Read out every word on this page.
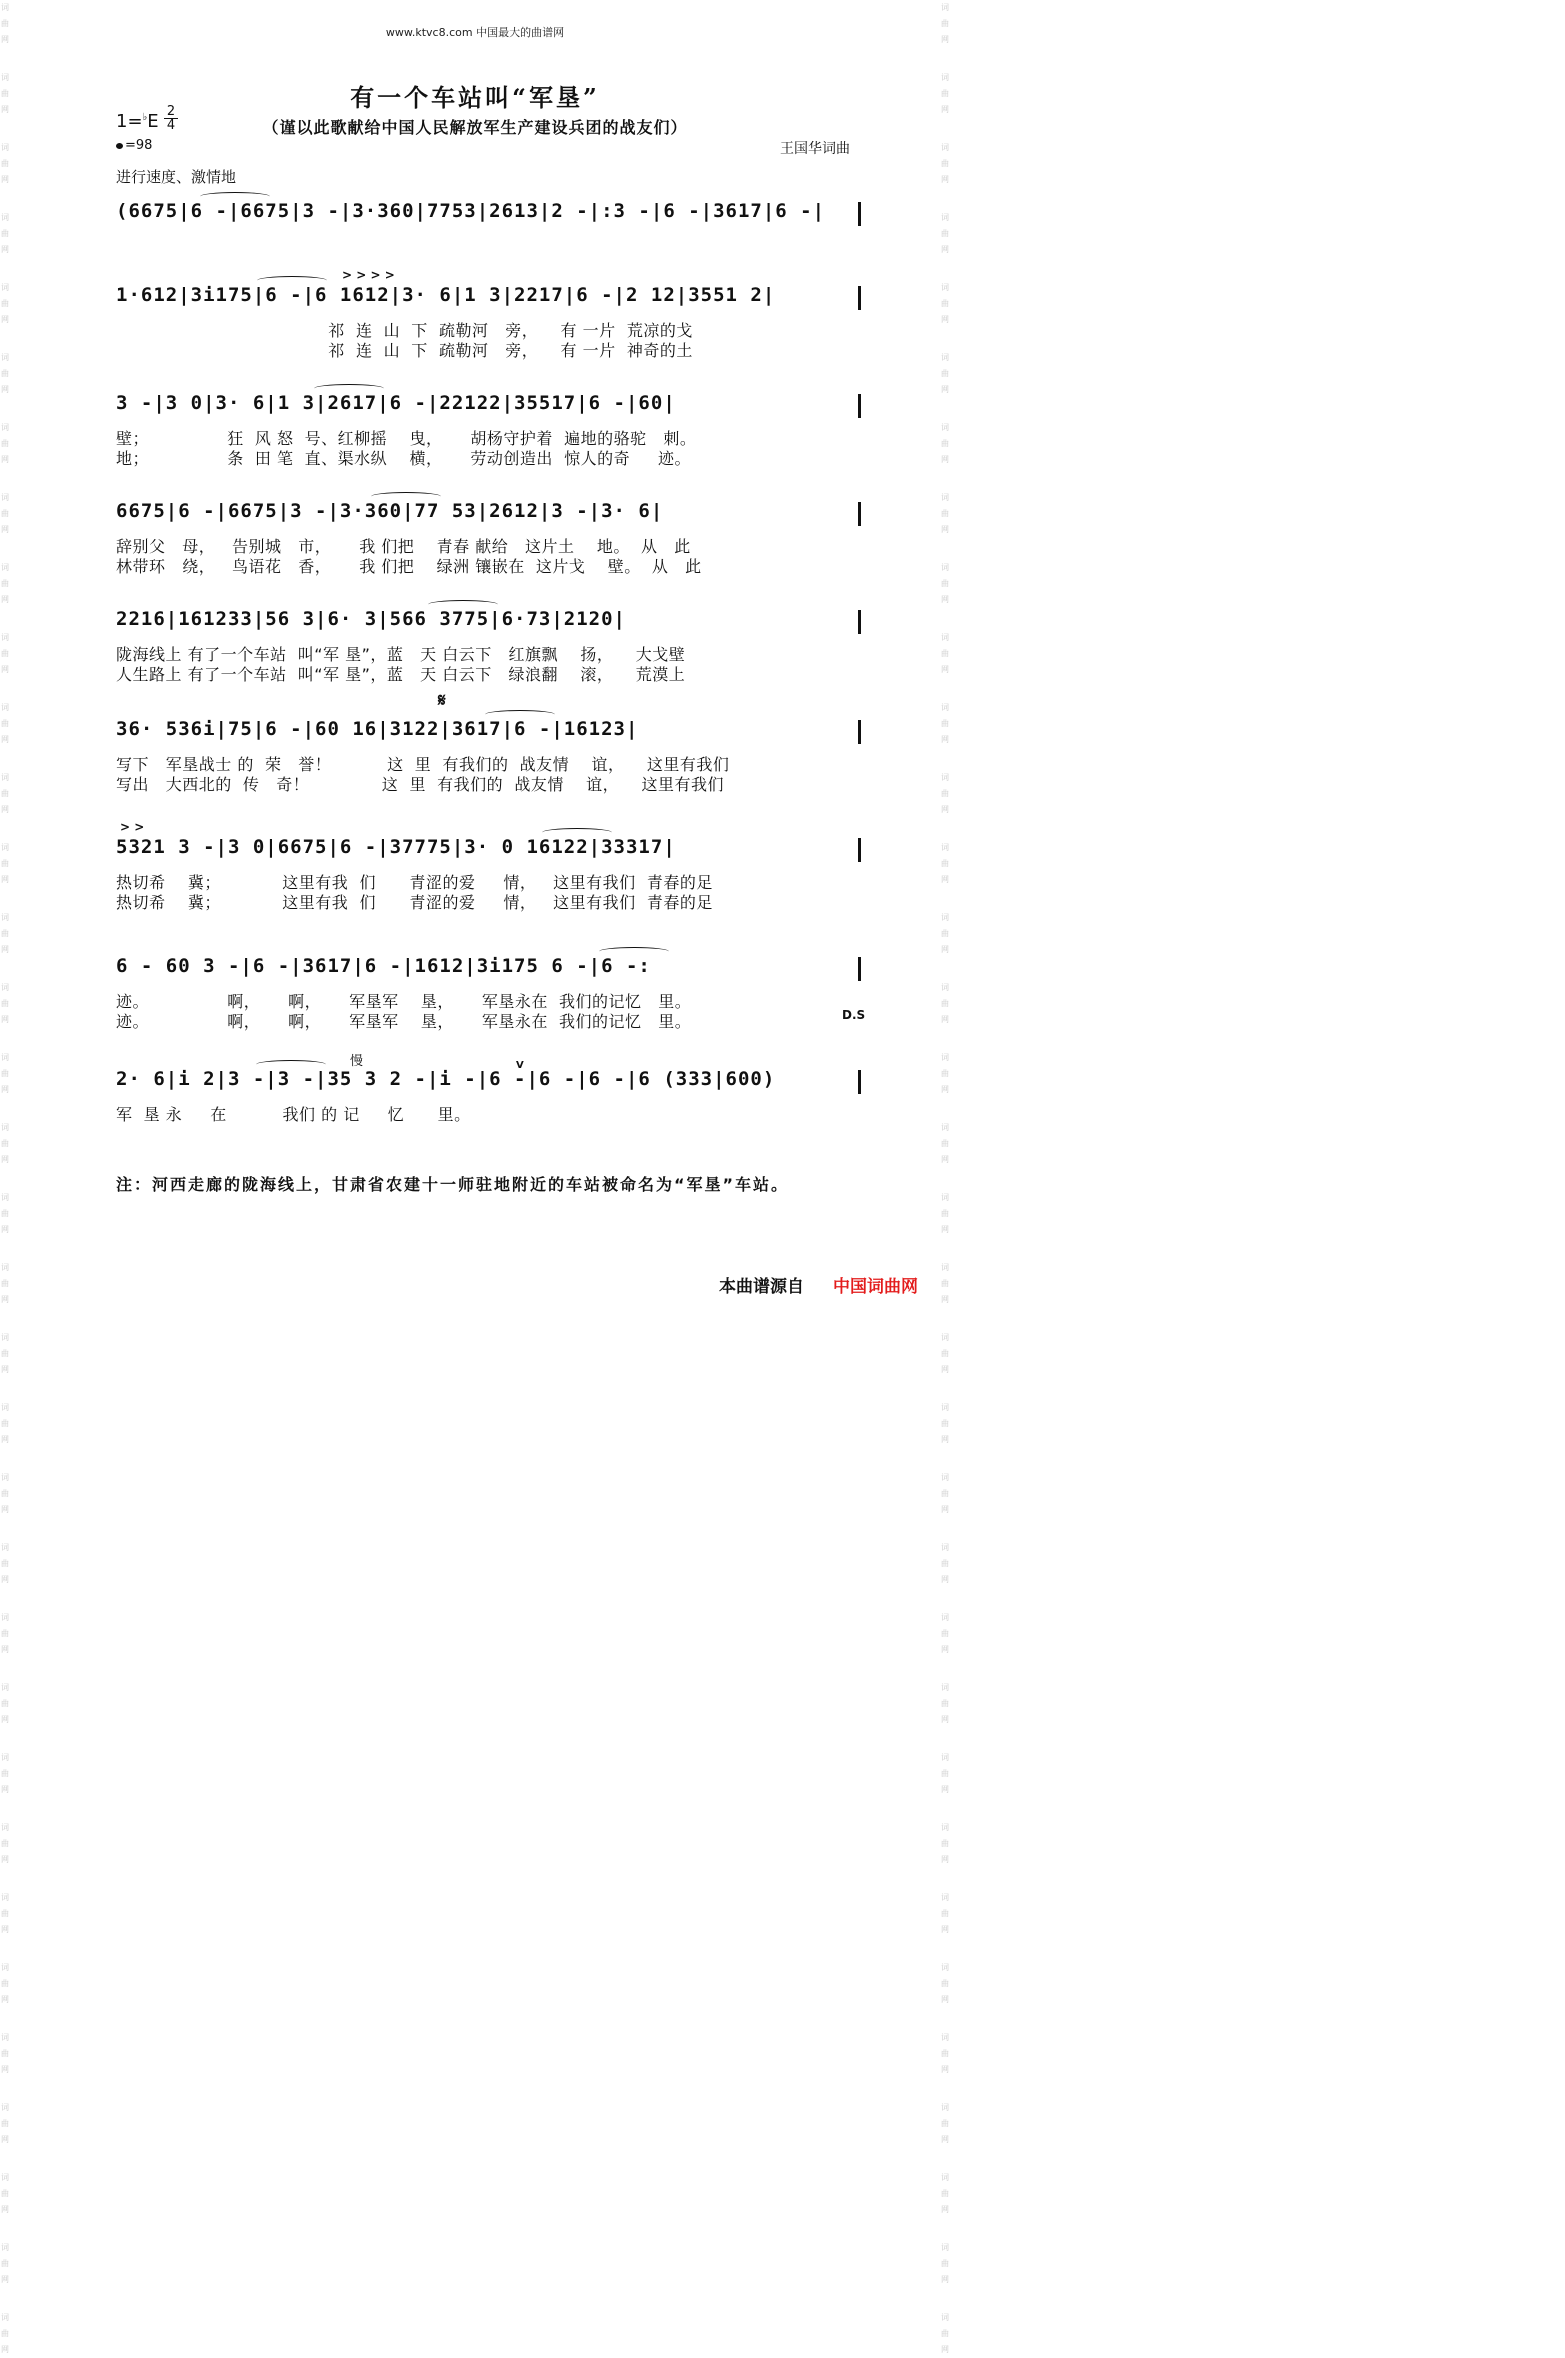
词曲网
词曲网
词曲网
词曲网
词曲网
词曲网
词曲网
词曲网
词曲网
词曲网
词曲网
词曲网
词曲网
词曲网
词曲网
词曲网
词曲网
词曲网
词曲网
词曲网
词曲网
词曲网
词曲网
词曲网
词曲网
词曲网
词曲网
词曲网
词曲网
词曲网
词曲网
词曲网
词曲网
词曲网
词曲网
词曲网
词曲网
词曲网
词曲网
词曲网
词曲网
词曲网
词曲网
词曲网
词曲网
词曲网
词曲网
词曲网
词曲网
词曲网
词曲网
词曲网
词曲网
词曲网
词曲网
词曲网
词曲网
词曲网
词曲网
词曲网
词曲网
词曲网
词曲网
词曲网
词曲网
词曲网
词曲网
词曲网
www.ktvc8.com 中国最大的曲谱网
有一个车站叫“军垦”
1=♭E 2
4	（谨以此歌献给中国人民解放军生产建设兵团的战友们）
=98	王国华词曲
进行速度、激情地
(6675|6 -|6675|3 -|3·360|7753|2613|2 -|:3 -|6 -|3617|6 -|
1·612|3i175|6 -|6 1612|3· 6|1 3|2217|6 -|2 12|3551 2|
祁  连  山  下  疏勒河   旁，    有 一片  荒凉的戈
祁  连  山  下  疏勒河   旁，    有 一片  神奇的土
3 -|3 0|3· 6|1 3|2617|6 -|22122|35517|6 -|60|
壁；              狂  风 怒  号、红柳摇    曳，     胡杨守护着  遍地的骆驼   刺。
地；              条  田 笔  直、渠水纵    横，     劳动创造出  惊人的奇     迹。
6675|6 -|6675|3 -|3·360|77 53|2612|3 -|3· 6|
辞别父   母，   告别城   市，     我 们把    青春 献给   这片土    地。  从   此
林带环   绕，   鸟语花   香，     我 们把    绿洲 镶嵌在  这片戈    壁。  从   此
2216|161233|56 3|6· 3|566 3775|6·73|2120|
陇海线上 有了一个车站  叫“军 垦”，蓝   天 白云下   红旗飘    扬，    大戈壁
人生路上 有了一个车站  叫“军 垦”，蓝   天 白云下   绿浪翻    滚，    荒漠上
36· 536i|75|6 -|60 16|3122|3617|6 -|16123|
写下   军垦战士 的  荣   誉！          这  里  有我们的  战友情    谊，    这里有我们
写出   大西北的  传   奇！             这  里  有我们的  战友情    谊，    这里有我们
5321 3 -|3 0|6675|6 -|37775|3· 0 16122|33317|
热切希    冀；           这里有我  们      青涩的爱     情，   这里有我们  青春的足
热切希    冀；           这里有我  们      青涩的爱     情，   这里有我们  青春的足
6 - 60 3 -|6 -|3617|6 -|1612|3i175 6 -|6 -:
迹。              啊，     啊，     军垦军    垦，     军垦永在  我们的记忆   里。
迹。              啊，     啊，     军垦军    垦，     军垦永在  我们的记忆   里。
2· 6|i 2|3 -|3 -|35 3 2 -|i -|6 -|6 -|6 -|6 (333|600)
军  垦 永     在          我们 的 记     忆      里。
> > > >
> >
𝄋
慢
D.S
V
注：河西走廊的陇海线上，甘肃省农建十一师驻地附近的车站被命名为“军垦”车站。
本曲谱源自 中国词曲网
